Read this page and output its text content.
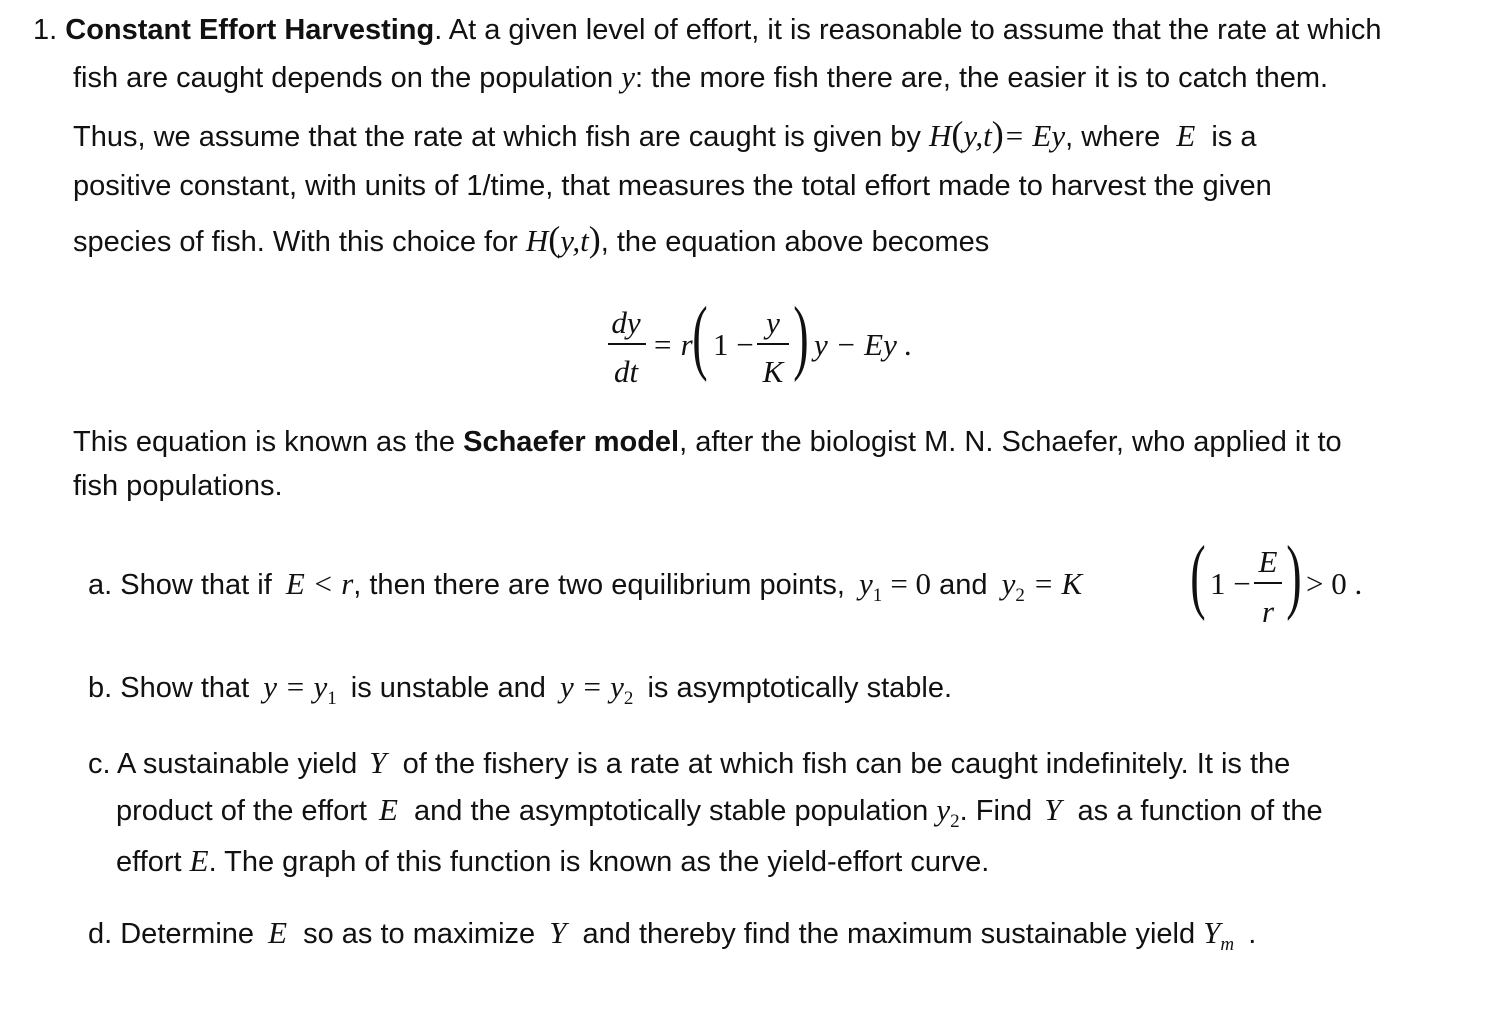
1. Constant Effort Harvesting. At a given level of effort, it is reasonable to assume that the rate at which
fish are caught depends on the population y: the more fish there are, the easier it is to catch them.
Thus, we assume that the rate at which fish are caught is given by H(y,t)= Ey, where E is a
positive constant, with units of 1/time, that measures the total effort made to harvest the given
species of fish. With this choice for H(y,t), the equation above becomes
dy
dt
= r ( 1 −
y
K ) y − Ey .
This equation is known as the Schaefer model, after the biologist M. N. Schaefer, who applied it to
fish populations.
a. Show that if E < r, then there are two equilibrium points, $y_1 = 0$ and $y_2 = K$ ( 1 −
E
r ) > 0 .
b. Show that $y = y_1$ is unstable and $y = y_2$ is asymptotically stable.
c. A sustainable yield Y of the fishery is a rate at which fish can be caught indefinitely. It is the
product of the effort E and the asymptotically stable population $y_2$. Find Y as a function of the
effort E. The graph of this function is known as the yield-effort curve.
d. Determine E so as to maximize Y and thereby find the maximum sustainable yield $Y_m$ .
